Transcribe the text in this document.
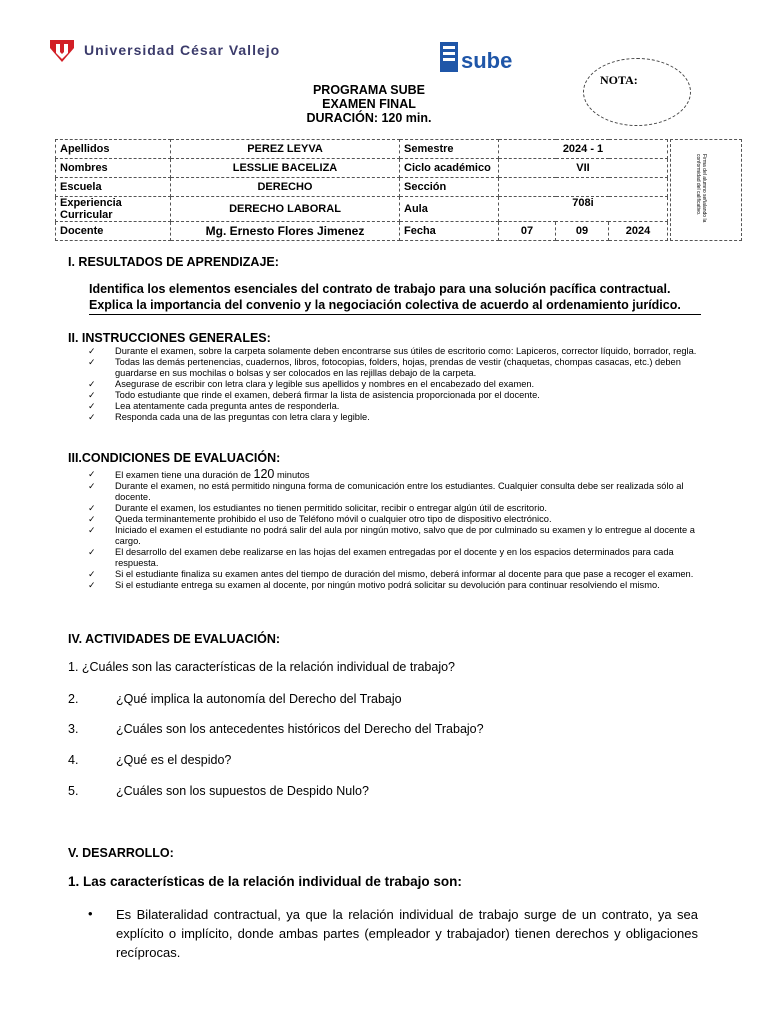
Universidad César Vallejo	sube
PROGRAMA SUBE
EXAMEN FINAL
DURACIÓN: 120 min.
NOTA:
Apellidos	PEREZ LEYVA	Semestre	2024 - 1		
Nombres	LESSLIE BACELIZA	Ciclo académico	VII		
Escuela	DERECHO	Sección			
Experiencia Curricular	DERECHO LABORAL	Aula	708i		
Docente	Mg. Ernesto Flores Jimenez	Fecha	07	09	2024
Firma del alumno señalando la conformidad del calificativo.
I. RESULTADOS DE APRENDIZAJE:
Identifica los elementos esenciales del contrato de trabajo para una solución pacífica contractual.
Explica la importancia del convenio y la negociación colectiva de acuerdo al ordenamiento jurídico.
II. INSTRUCCIONES GENERALES:
✓ Durante el examen, sobre la carpeta solamente deben encontrarse sus útiles de escritorio como: Lapiceros, corrector líquido, borrador, regla.
✓ Todas las demás pertenencias, cuadernos, libros, fotocopias, folders, hojas, prendas de vestir (chaquetas, chompas casacas, etc.) deben guardarse en sus mochilas o bolsas y ser colocados en las rejillas debajo de la carpeta.
✓ Asegurase de escribir con letra clara y legible sus apellidos y nombres en el encabezado del examen.
✓ Todo estudiante que rinde el examen, deberá firmar la lista de asistencia proporcionada por el docente.
✓ Lea atentamente cada pregunta antes de responderla.
✓ Responda cada una de las preguntas con letra clara y legible.
III.CONDICIONES DE EVALUACIÓN:
✓ El examen tiene una duración de 120 minutos
✓ Durante el examen, no está permitido ninguna forma de comunicación entre los estudiantes. Cualquier consulta debe ser realizada sólo al docente.
✓ Durante el examen, los estudiantes no tienen permitido solicitar, recibir o entregar algún útil de escritorio.
✓ Queda terminantemente prohibido el uso de Teléfono móvil o cualquier otro tipo de dispositivo electrónico.
✓ Iniciado el examen el estudiante no podrá salir del aula por ningún motivo, salvo que de por culminado su examen y lo entregue al docente a cargo.
✓ El desarrollo del examen debe realizarse en las hojas del examen entregadas por el docente y en los espacios determinados para cada respuesta.
✓ Si el estudiante finaliza su examen antes del tiempo de duración del mismo, deberá informar al docente para que pase a recoger el examen.
✓ Si el estudiante entrega su examen al docente, por ningún motivo podrá solicitar su devolución para continuar resolviendo el mismo.
IV. ACTIVIDADES DE EVALUACIÓN:
1. ¿Cuáles son las características de la relación individual de trabajo?
2.	¿Qué implica la autonomía del Derecho del Trabajo
3.	¿Cuáles son los antecedentes históricos del Derecho del Trabajo?
4.	¿Qué es el despido?
5.	¿Cuáles son los supuestos de Despido Nulo?
V. DESARROLLO:
1. Las características de la relación individual de trabajo son:
• Es Bilateralidad contractual, ya que la relación individual de trabajo surge de un contrato, ya sea explícito o implícito, donde ambas partes (empleador y trabajador) tienen derechos y obligaciones recíprocas.
